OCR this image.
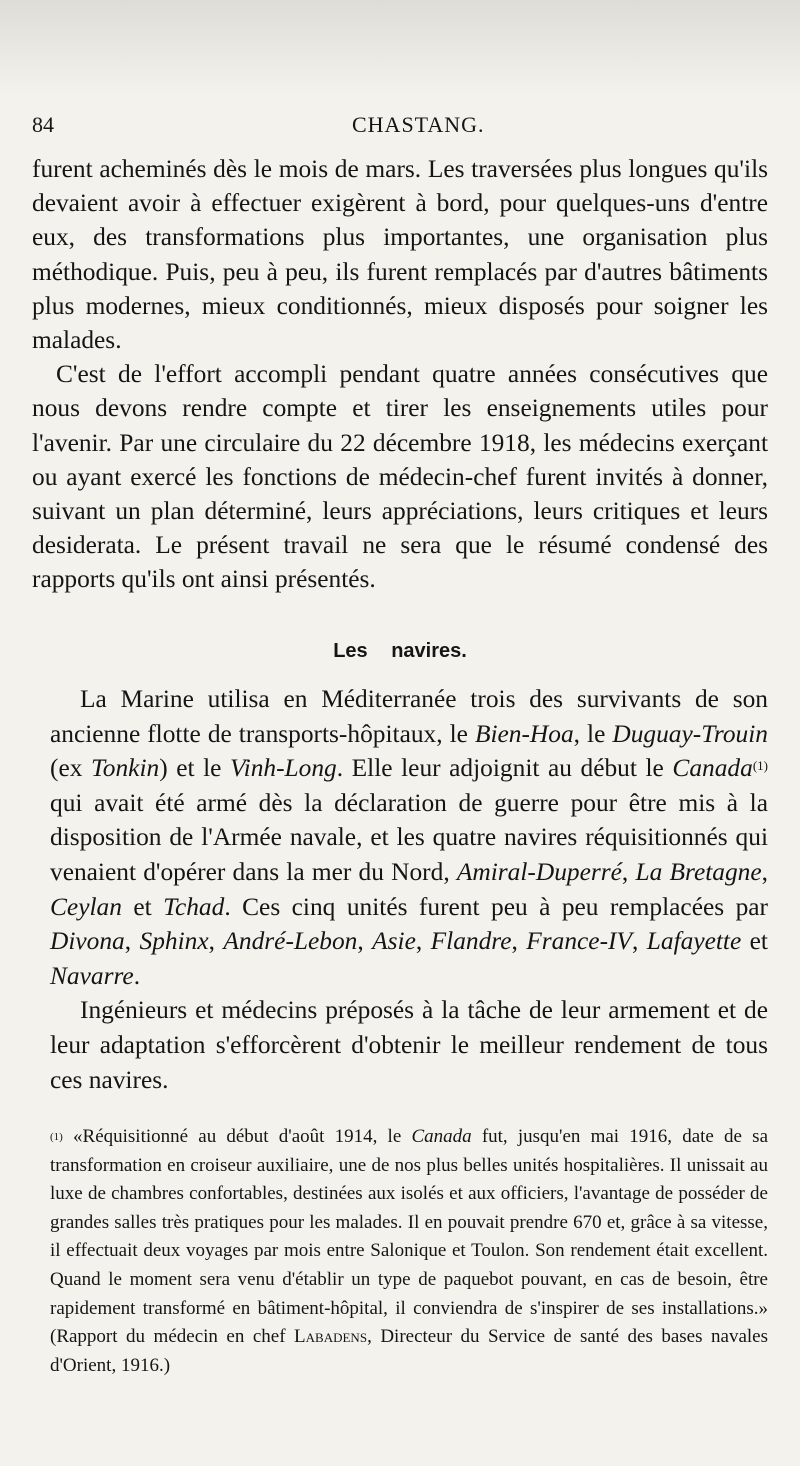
84	CHASTANG.

furent acheminés dès le mois de mars. Les traversées plus longues qu'ils devaient avoir à effectuer exigèrent à bord, pour quelques-uns d'entre eux, des transformations plus importantes, une organisation plus méthodique. Puis, peu à peu, ils furent remplacés par d'autres bâtiments plus modernes, mieux conditionnés, mieux disposés pour soigner les malades.

C'est de l'effort accompli pendant quatre années consécutives que nous devons rendre compte et tirer les enseignements utiles pour l'avenir. Par une circulaire du 22 décembre 1918, les médecins exerçant ou ayant exercé les fonctions de médecin-chef furent invités à donner, suivant un plan déterminé, leurs appréciations, leurs critiques et leurs desiderata. Le présent travail ne sera que le résumé condensé des rapports qu'ils ont ainsi présentés.

Les navires.

La Marine utilisa en Méditerranée trois des survivants de son ancienne flotte de transports-hôpitaux, le Bien-Hoa, le Duguay-Trouin (ex Tonkin) et le Vinh-Long. Elle leur adjoignit au début le Canada$^{(1)}$ qui avait été armé dès la déclaration de guerre pour être mis à la disposition de l'Armée navale, et les quatre navires réquisitionnés qui venaient d'opérer dans la mer du Nord, Amiral-Duperré, La Bretagne, Ceylan et Tchad. Ces cinq unités furent peu à peu remplacées par Divona, Sphinx, André-Lebon, Asie, Flandre, France-IV, Lafayette et Navarre.

Ingénieurs et médecins préposés à la tâche de leur armement et de leur adaptation s'efforcèrent d'obtenir le meilleur rendement de tous ces navires.

$^{(1)}$ «Réquisitionné au début d'août 1914, le Canada fut, jusqu'en mai 1916, date de sa transformation en croiseur auxiliaire, une de nos plus belles unités hospitalières. Il unissait au luxe de chambres confortables, destinées aux isolés et aux officiers, l'avantage de posséder de grandes salles très pratiques pour les malades. Il en pouvait prendre 670 et, grâce à sa vitesse, il effectuait deux voyages par mois entre Salonique et Toulon. Son rendement était excellent. Quand le moment sera venu d'établir un type de paquebot pouvant, en cas de besoin, être rapidement transformé en bâtiment-hôpital, il conviendra de s'inspirer de ses installations.» (Rapport du médecin en chef Labadens, Directeur du Service de santé des bases navales d'Orient, 1916.)
